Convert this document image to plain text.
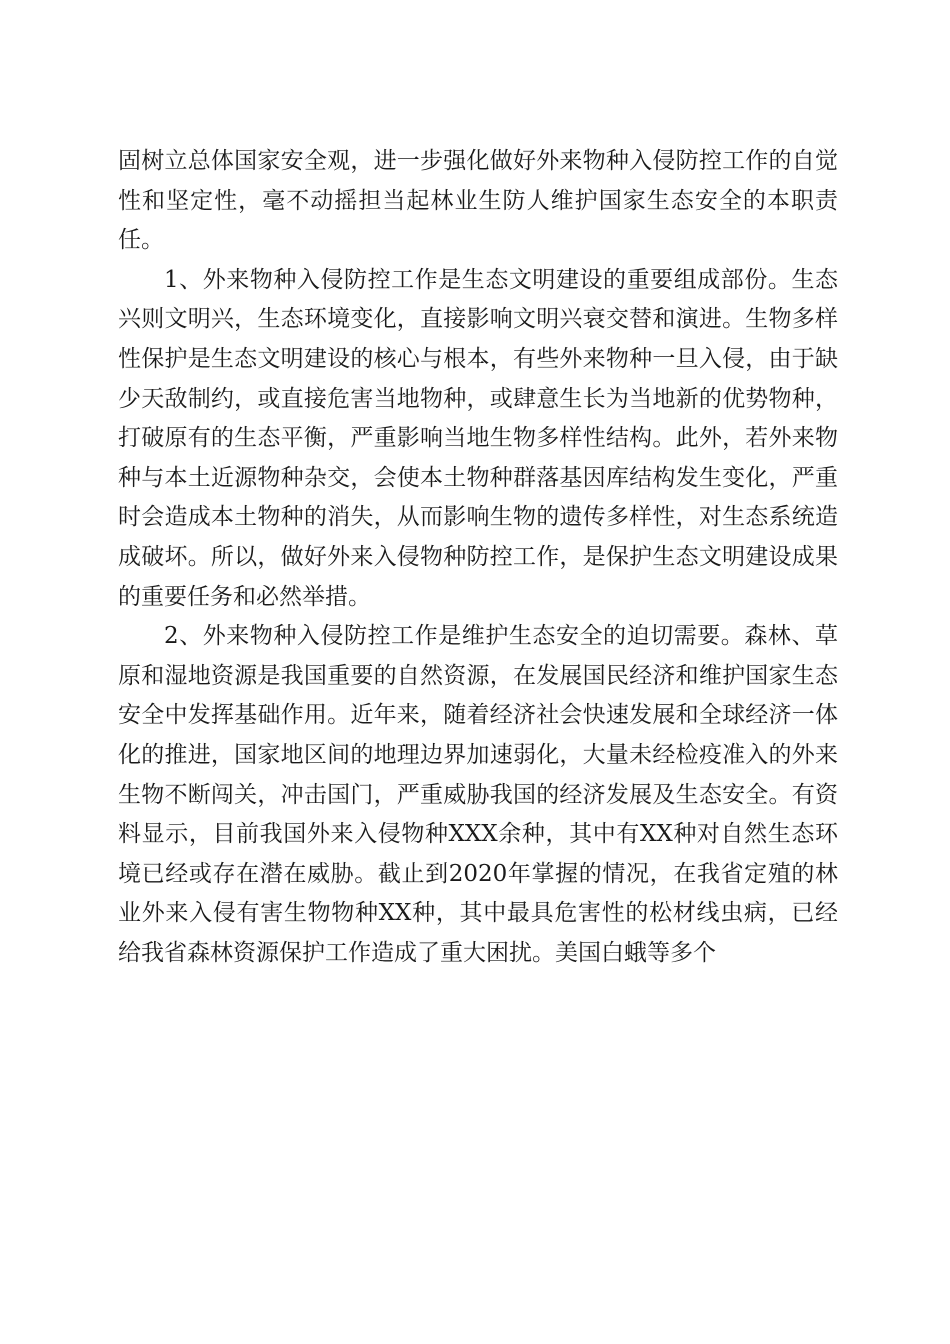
固树立总体国家安全观，进一步强化做好外来物种入侵防控工作的自觉性和坚定性，毫不动摇担当起林业生防人维护国家生态安全的本职责任。

1、外来物种入侵防控工作是生态文明建设的重要组成部份。生态兴则文明兴，生态环境变化，直接影响文明兴衰交替和演进。生物多样性保护是生态文明建设的核心与根本，有些外来物种一旦入侵，由于缺少天敌制约，或直接危害当地物种，或肆意生长为当地新的优势物种，打破原有的生态平衡，严重影响当地生物多样性结构。此外，若外来物种与本土近源物种杂交，会使本土物种群落基因库结构发生变化，严重时会造成本土物种的消失，从而影响生物的遗传多样性，对生态系统造成破坏。所以，做好外来入侵物种防控工作，是保护生态文明建设成果的重要任务和必然举措。

2、外来物种入侵防控工作是维护生态安全的迫切需要。森林、草原和湿地资源是我国重要的自然资源，在发展国民经济和维护国家生态安全中发挥基础作用。近年来，随着经济社会快速发展和全球经济一体化的推进，国家地区间的地理边界加速弱化，大量未经检疫准入的外来生物不断闯关，冲击国门，严重威胁我国的经济发展及生态安全。有资料显示，目前我国外来入侵物种XXX余种，其中有XX种对自然生态环境已经或存在潜在威胁。截止到2020年掌握的情况，在我省定殖的林业外来入侵有害生物物种XX种，其中最具危害性的松材线虫病，已经给我省森林资源保护工作造成了重大困扰。美国白蛾等多个
